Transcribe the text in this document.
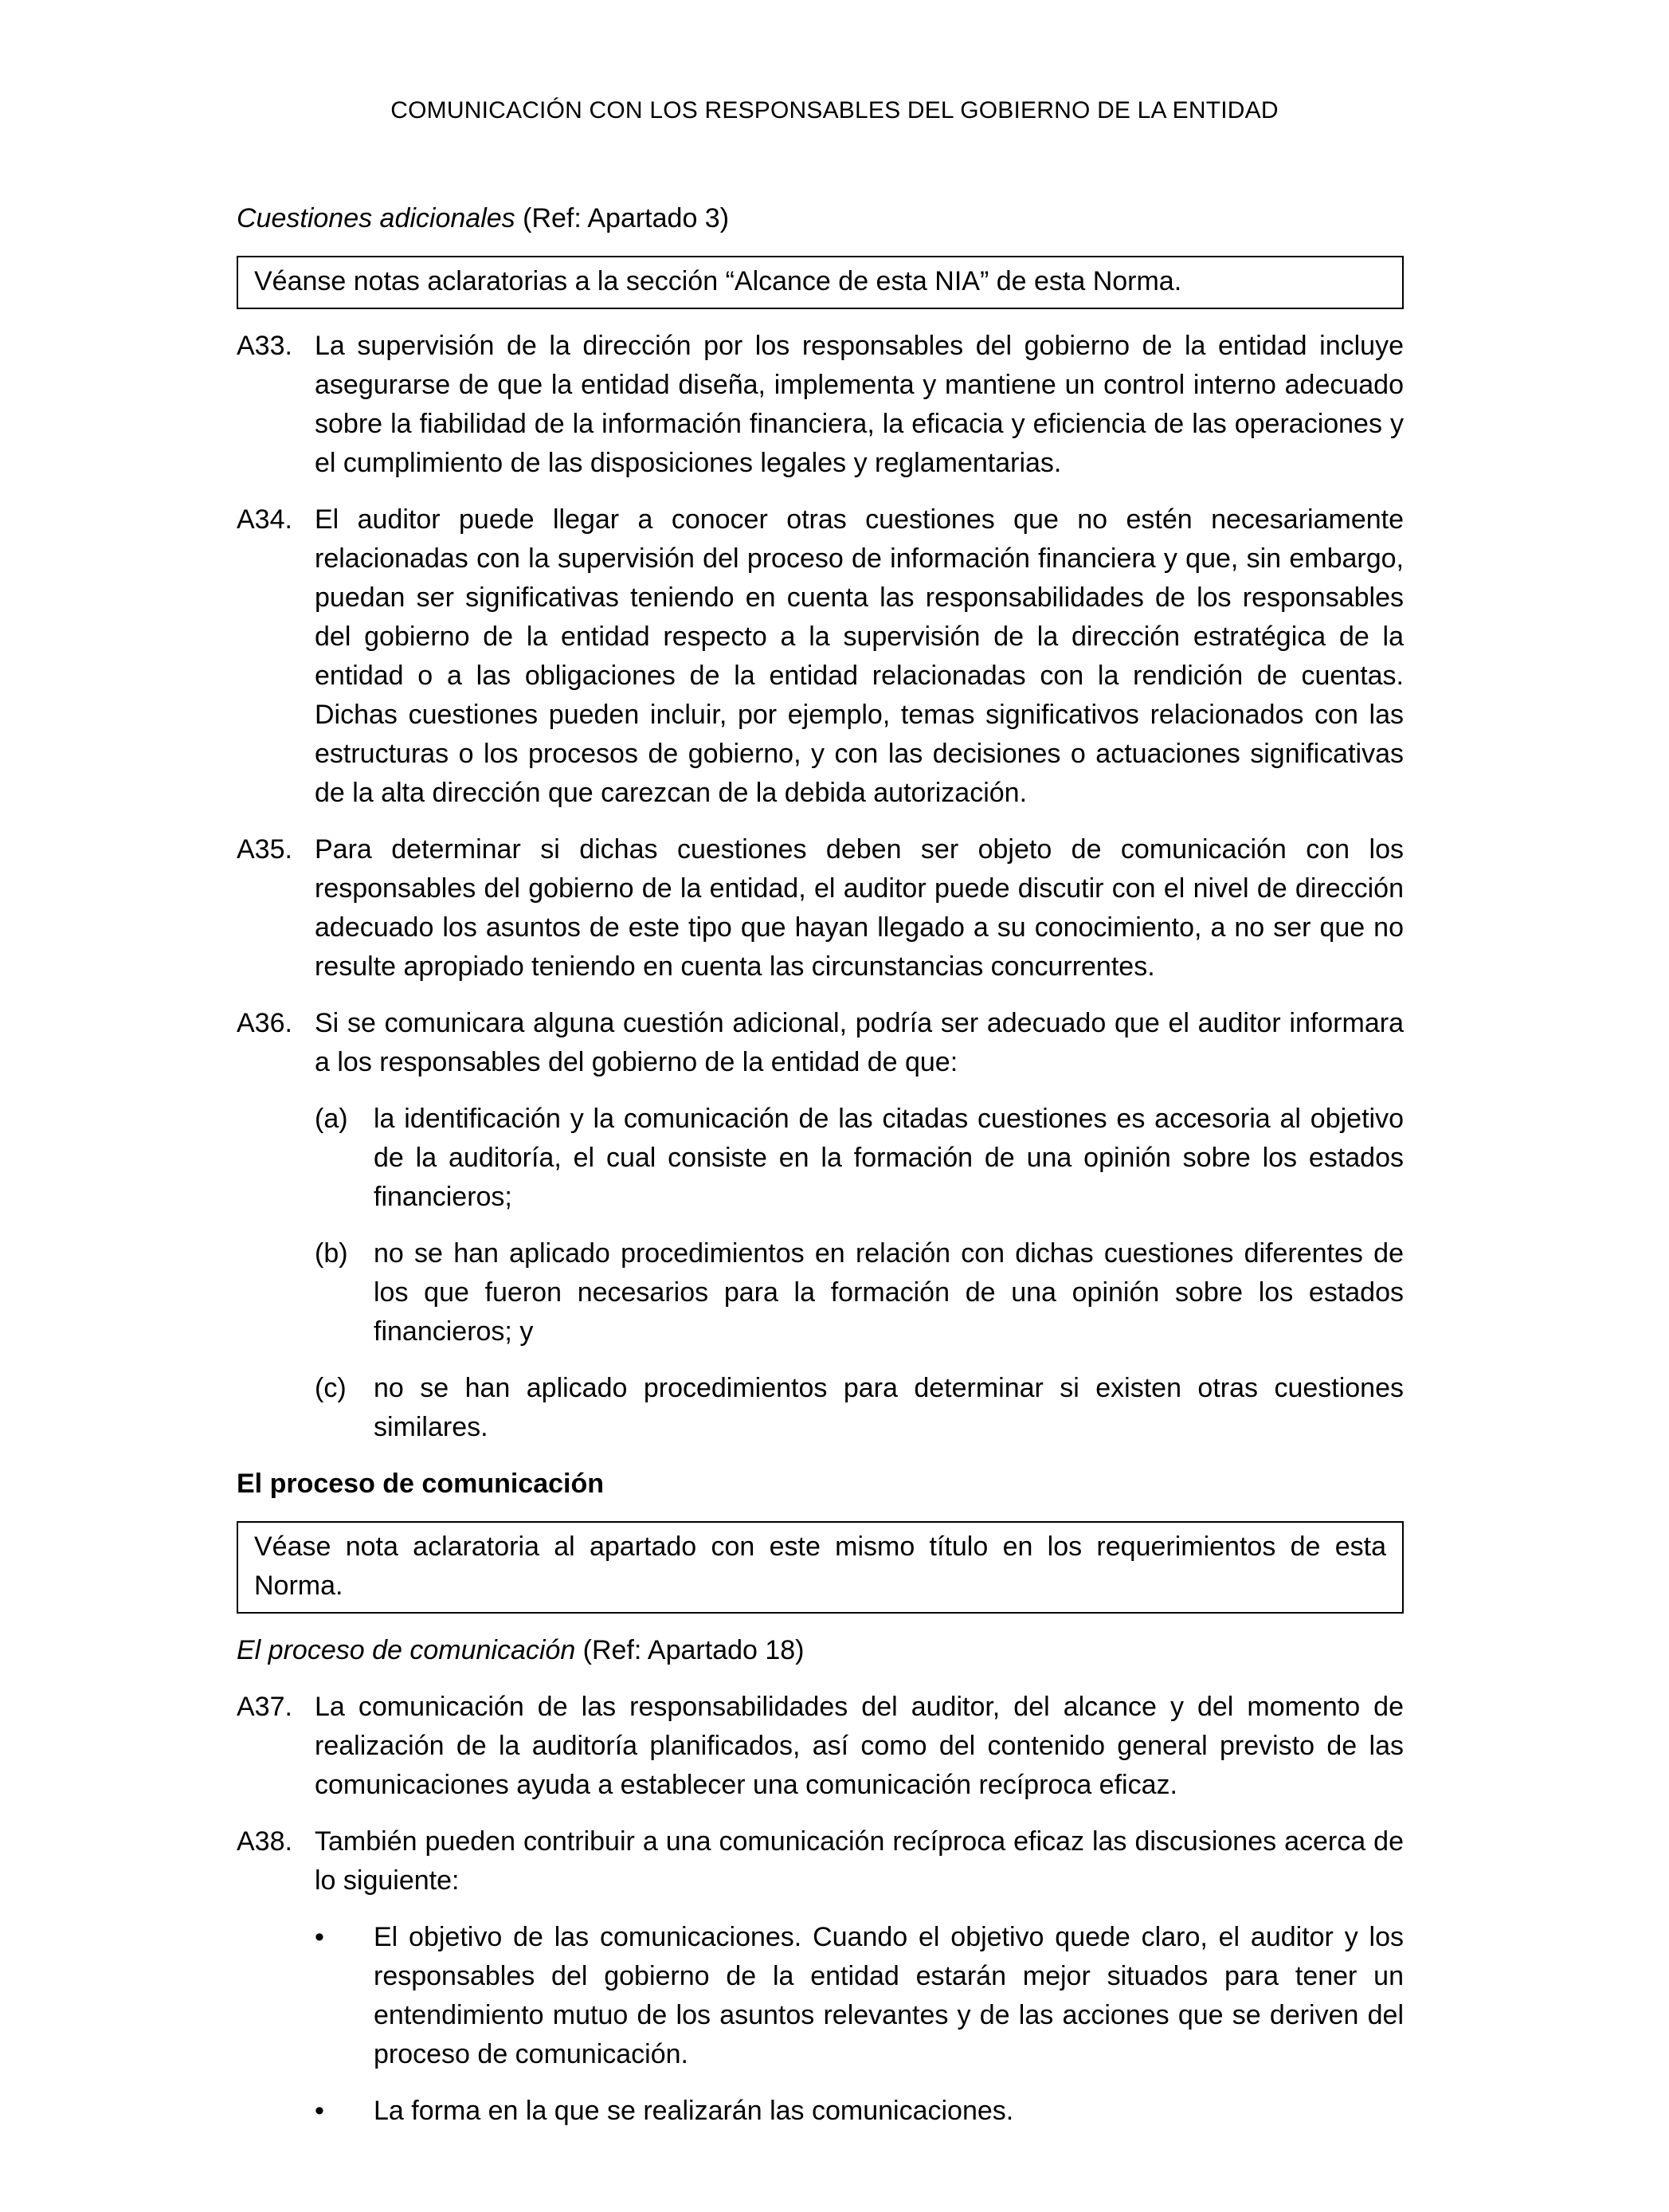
COMUNICACIÓN CON LOS RESPONSABLES DEL GOBIERNO DE LA ENTIDAD
Cuestiones adicionales (Ref: Apartado 3)
Véanse notas aclaratorias a la sección “Alcance de esta NIA” de esta Norma.
A33. La supervisión de la dirección por los responsables del gobierno de la entidad incluye asegurarse de que la entidad diseña, implementa y mantiene un control interno adecuado sobre la fiabilidad de la información financiera, la eficacia y eficiencia de las operaciones y el cumplimiento de las disposiciones legales y reglamentarias.
A34. El auditor puede llegar a conocer otras cuestiones que no estén necesariamente relacionadas con la supervisión del proceso de información financiera y que, sin embargo, puedan ser significativas teniendo en cuenta las responsabilidades de los responsables del gobierno de la entidad respecto a la supervisión de la dirección estratégica de la entidad o a las obligaciones de la entidad relacionadas con la rendición de cuentas. Dichas cuestiones pueden incluir, por ejemplo, temas significativos relacionados con las estructuras o los procesos de gobierno, y con las decisiones o actuaciones significativas de la alta dirección que carezcan de la debida autorización.
A35. Para determinar si dichas cuestiones deben ser objeto de comunicación con los responsables del gobierno de la entidad, el auditor puede discutir con el nivel de dirección adecuado los asuntos de este tipo que hayan llegado a su conocimiento, a no ser que no resulte apropiado teniendo en cuenta las circunstancias concurrentes.
A36. Si se comunicara alguna cuestión adicional, podría ser adecuado que el auditor informara a los responsables del gobierno de la entidad de que:
(a) la identificación y la comunicación de las citadas cuestiones es accesoria al objetivo de la auditoría, el cual consiste en la formación de una opinión sobre los estados financieros;
(b) no se han aplicado procedimientos en relación con dichas cuestiones diferentes de los que fueron necesarios para la formación de una opinión sobre los estados financieros; y
(c)	no se han aplicado procedimientos para determinar si existen otras cuestiones similares.
El proceso de comunicación
Véase nota aclaratoria al apartado con este mismo título en los requerimientos de esta Norma.
El proceso de comunicación (Ref: Apartado 18)
A37. La comunicación de las responsabilidades del auditor, del alcance y del momento de realización de la auditoría planificados, así como del contenido general previsto de las comunicaciones ayuda a establecer una comunicación recíproca eficaz.
A38. También pueden contribuir a una comunicación recíproca eficaz las discusiones acerca de lo siguiente:
•	El objetivo de las comunicaciones. Cuando el objetivo quede claro, el auditor y los responsables del gobierno de la entidad estarán mejor situados para tener un entendimiento mutuo de los asuntos relevantes y de las acciones que se deriven del proceso de comunicación.
•	La forma en la que se realizarán las comunicaciones.
